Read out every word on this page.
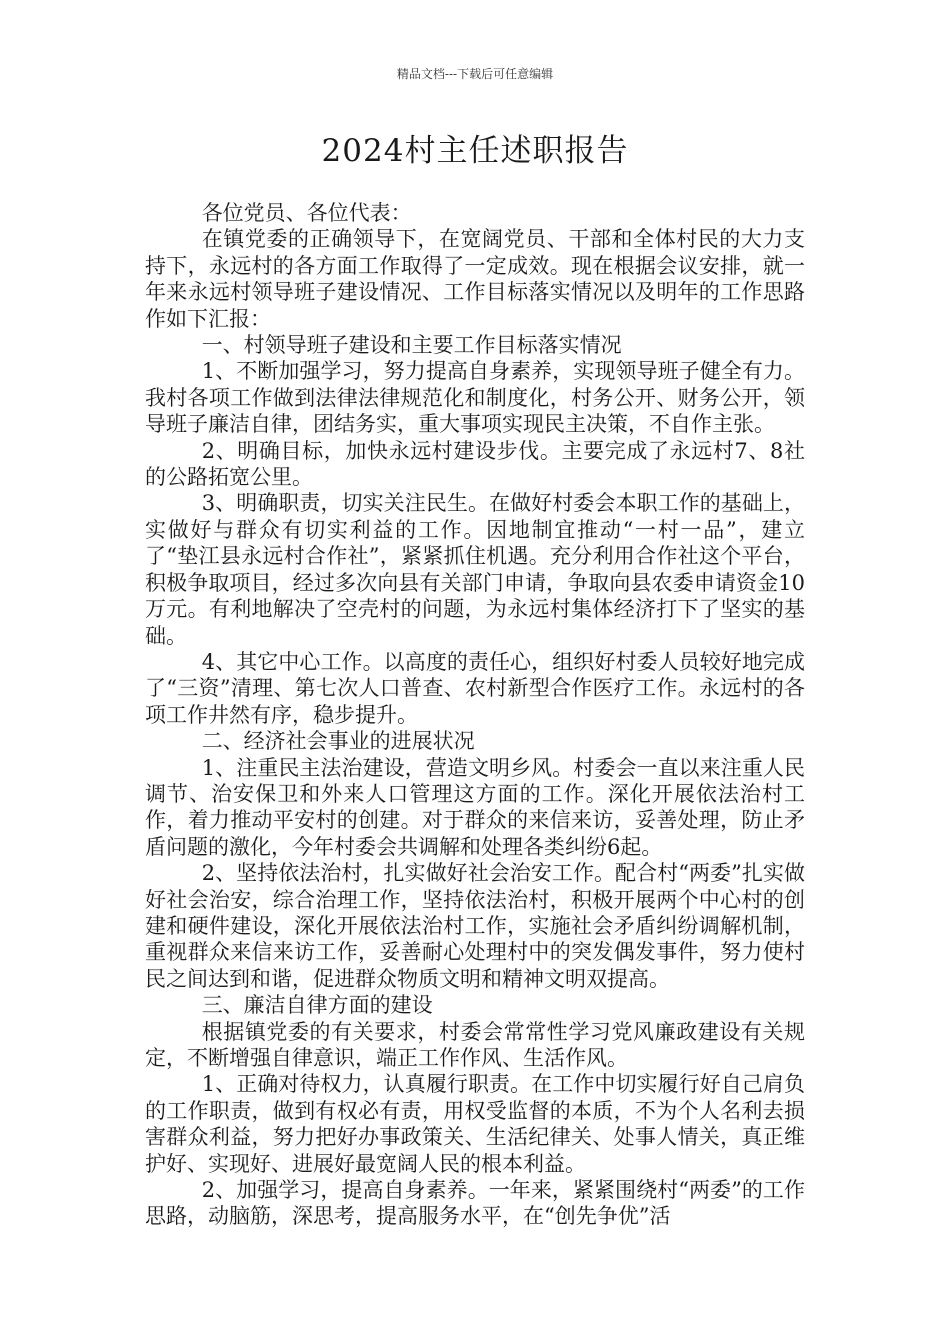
精品文档---下载后可任意编辑
2024村主任述职报告

各位党员、各位代表：

在镇党委的正确领导下，在宽阔党员、干部和全体村民的大力支持下，永远村的各方面工作取得了一定成效。现在根据会议安排，就一年来永远村领导班子建设情况、工作目标落实情况以及明年的工作思路作如下汇报：

一、村领导班子建设和主要工作目标落实情况

1、不断加强学习，努力提高自身素养，实现领导班子健全有力。我村各项工作做到法律法律规范化和制度化，村务公开、财务公开，领导班子廉洁自律，团结务实，重大事项实现民主决策，不自作主张。

2、明确目标，加快永远村建设步伐。主要完成了永远村7、8社的公路拓宽公里。

3、明确职责，切实关注民生。在做好村委会本职工作的基础上，实做好与群众有切实利益的工作。因地制宜推动“一村一品”，建立了“垫江县永远村合作社”，紧紧抓住机遇。充分利用合作社这个平台，积极争取项目，经过多次向县有关部门申请，争取向县农委申请资金10万元。有利地解决了空壳村的问题，为永远村集体经济打下了坚实的基础。

4、其它中心工作。以高度的责任心，组织好村委人员较好地完成了“三资”清理、第七次人口普查、农村新型合作医疗工作。永远村的各项工作井然有序，稳步提升。

二、经济社会事业的进展状况

1、注重民主法治建设，营造文明乡风。村委会一直以来注重人民调节、治安保卫和外来人口管理这方面的工作。深化开展依法治村工作，着力推动平安村的创建。对于群众的来信来访，妥善处理，防止矛盾问题的激化，今年村委会共调解和处理各类纠纷6起。

2、坚持依法治村，扎实做好社会治安工作。配合村“两委”扎实做好社会治安，综合治理工作，坚持依法治村，积极开展两个中心村的创建和硬件建设，深化开展依法治村工作，实施社会矛盾纠纷调解机制，重视群众来信来访工作，妥善耐心处理村中的突发偶发事件，努力使村民之间达到和谐，促进群众物质文明和精神文明双提高。

三、廉洁自律方面的建设

根据镇党委的有关要求，村委会常常性学习党风廉政建设有关规定，不断增强自律意识，端正工作作风、生活作风。

1、正确对待权力，认真履行职责。在工作中切实履行好自己肩负的工作职责，做到有权必有责，用权受监督的本质，不为个人名利去损害群众利益，努力把好办事政策关、生活纪律关、处事人情关，真正维护好、实现好、进展好最宽阔人民的根本利益。

2、加强学习，提高自身素养。一年来，紧紧围绕村“两委”的工作思路，动脑筋，深思考，提高服务水平，在“创先争优”活
